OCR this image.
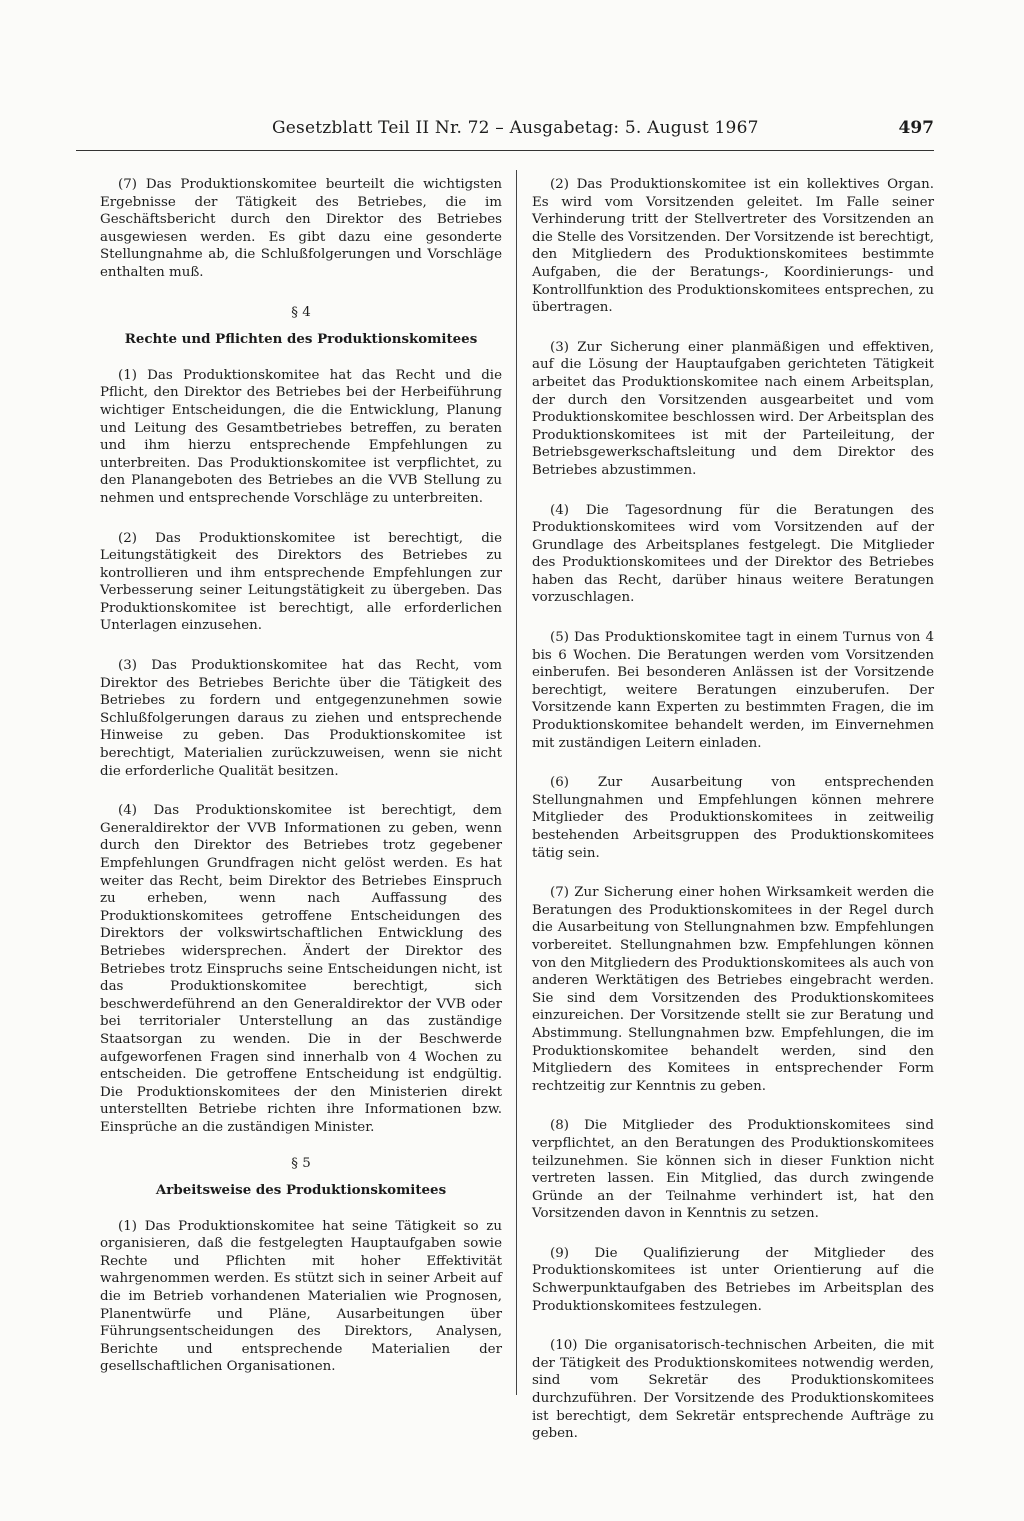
Gesetzblatt Teil II Nr. 72 – Ausgabetag: 5. August 1967	497

(7) Das Produktionskomitee beurteilt die wichtigsten Ergebnisse der Tätigkeit des Betriebes, die im Geschäftsbericht durch den Direktor des Betriebes ausgewiesen werden. Es gibt dazu eine gesonderte Stellungnahme ab, die Schlußfolgerungen und Vorschläge enthalten muß.

§ 4
Rechte und Pflichten des Produktionskomitees

(1) Das Produktionskomitee hat das Recht und die Pflicht, den Direktor des Betriebes bei der Herbeiführung wichtiger Entscheidungen, die die Entwicklung, Planung und Leitung des Gesamtbetriebes betreffen, zu beraten und ihm hierzu entsprechende Empfehlungen zu unterbreiten. Das Produktionskomitee ist verpflichtet, zu den Planangeboten des Betriebes an die VVB Stellung zu nehmen und entsprechende Vorschläge zu unterbreiten.

(2) Das Produktionskomitee ist berechtigt, die Leitungstätigkeit des Direktors des Betriebes zu kontrollieren und ihm entsprechende Empfehlungen zur Verbesserung seiner Leitungstätigkeit zu übergeben. Das Produktionskomitee ist berechtigt, alle erforderlichen Unterlagen einzusehen.

(3) Das Produktionskomitee hat das Recht, vom Direktor des Betriebes Berichte über die Tätigkeit des Betriebes zu fordern und entgegenzunehmen sowie Schlußfolgerungen daraus zu ziehen und entsprechende Hinweise zu geben. Das Produktionskomitee ist berechtigt, Materialien zurückzuweisen, wenn sie nicht die erforderliche Qualität besitzen.

(4) Das Produktionskomitee ist berechtigt, dem Generaldirektor der VVB Informationen zu geben, wenn durch den Direktor des Betriebes trotz gegebener Empfehlungen Grundfragen nicht gelöst werden. Es hat weiter das Recht, beim Direktor des Betriebes Einspruch zu erheben, wenn nach Auffassung des Produktionskomitees getroffene Entscheidungen des Direktors der volkswirtschaftlichen Entwicklung des Betriebes widersprechen. Ändert der Direktor des Betriebes trotz Einspruchs seine Entscheidungen nicht, ist das Produktionskomitee berechtigt, sich beschwerdeführend an den Generaldirektor der VVB oder bei territorialer Unterstellung an das zuständige Staatsorgan zu wenden. Die in der Beschwerde aufgeworfenen Fragen sind innerhalb von 4 Wochen zu entscheiden. Die getroffene Entscheidung ist endgültig. Die Produktionskomitees der den Ministerien direkt unterstellten Betriebe richten ihre Informationen bzw. Einsprüche an die zuständigen Minister.

§ 5
Arbeitsweise des Produktionskomitees

(1) Das Produktionskomitee hat seine Tätigkeit so zu organisieren, daß die festgelegten Hauptaufgaben sowie Rechte und Pflichten mit hoher Effektivität wahrgenommen werden. Es stützt sich in seiner Arbeit auf die im Betrieb vorhandenen Materialien wie Prognosen, Planentwürfe und Pläne, Ausarbeitungen über Führungsentscheidungen des Direktors, Analysen, Berichte und entsprechende Materialien der gesellschaftlichen Organisationen.

(2) Das Produktionskomitee ist ein kollektives Organ. Es wird vom Vorsitzenden geleitet. Im Falle seiner Verhinderung tritt der Stellvertreter des Vorsitzenden an die Stelle des Vorsitzenden. Der Vorsitzende ist berechtigt, den Mitgliedern des Produktionskomitees bestimmte Aufgaben, die der Beratungs-, Koordinierungs- und Kontrollfunktion des Produktionskomitees entsprechen, zu übertragen.

(3) Zur Sicherung einer planmäßigen und effektiven, auf die Lösung der Hauptaufgaben gerichteten Tätigkeit arbeitet das Produktionskomitee nach einem Arbeitsplan, der durch den Vorsitzenden ausgearbeitet und vom Produktionskomitee beschlossen wird. Der Arbeitsplan des Produktionskomitees ist mit der Parteileitung, der Betriebsgewerkschaftsleitung und dem Direktor des Betriebes abzustimmen.

(4) Die Tagesordnung für die Beratungen des Produktionskomitees wird vom Vorsitzenden auf der Grundlage des Arbeitsplanes festgelegt. Die Mitglieder des Produktionskomitees und der Direktor des Betriebes haben das Recht, darüber hinaus weitere Beratungen vorzuschlagen.

(5) Das Produktionskomitee tagt in einem Turnus von 4 bis 6 Wochen. Die Beratungen werden vom Vorsitzenden einberufen. Bei besonderen Anlässen ist der Vorsitzende berechtigt, weitere Beratungen einzuberufen. Der Vorsitzende kann Experten zu bestimmten Fragen, die im Produktionskomitee behandelt werden, im Einvernehmen mit zuständigen Leitern einladen.

(6) Zur Ausarbeitung von entsprechenden Stellungnahmen und Empfehlungen können mehrere Mitglieder des Produktionskomitees in zeitweilig bestehenden Arbeitsgruppen des Produktionskomitees tätig sein.

(7) Zur Sicherung einer hohen Wirksamkeit werden die Beratungen des Produktionskomitees in der Regel durch die Ausarbeitung von Stellungnahmen bzw. Empfehlungen vorbereitet. Stellungnahmen bzw. Empfehlungen können von den Mitgliedern des Produktionskomitees als auch von anderen Werktätigen des Betriebes eingebracht werden. Sie sind dem Vorsitzenden des Produktionskomitees einzureichen. Der Vorsitzende stellt sie zur Beratung und Abstimmung. Stellungnahmen bzw. Empfehlungen, die im Produktionskomitee behandelt werden, sind den Mitgliedern des Komitees in entsprechender Form rechtzeitig zur Kenntnis zu geben.

(8) Die Mitglieder des Produktionskomitees sind verpflichtet, an den Beratungen des Produktionskomitees teilzunehmen. Sie können sich in dieser Funktion nicht vertreten lassen. Ein Mitglied, das durch zwingende Gründe an der Teilnahme verhindert ist, hat den Vorsitzenden davon in Kenntnis zu setzen.

(9) Die Qualifizierung der Mitglieder des Produktionskomitees ist unter Orientierung auf die Schwerpunktaufgaben des Betriebes im Arbeitsplan des Produktionskomitees festzulegen.

(10) Die organisatorisch-technischen Arbeiten, die mit der Tätigkeit des Produktionskomitees notwendig werden, sind vom Sekretär des Produktionskomitees durchzuführen. Der Vorsitzende des Produktionskomitees ist berechtigt, dem Sekretär entsprechende Aufträge zu geben.
